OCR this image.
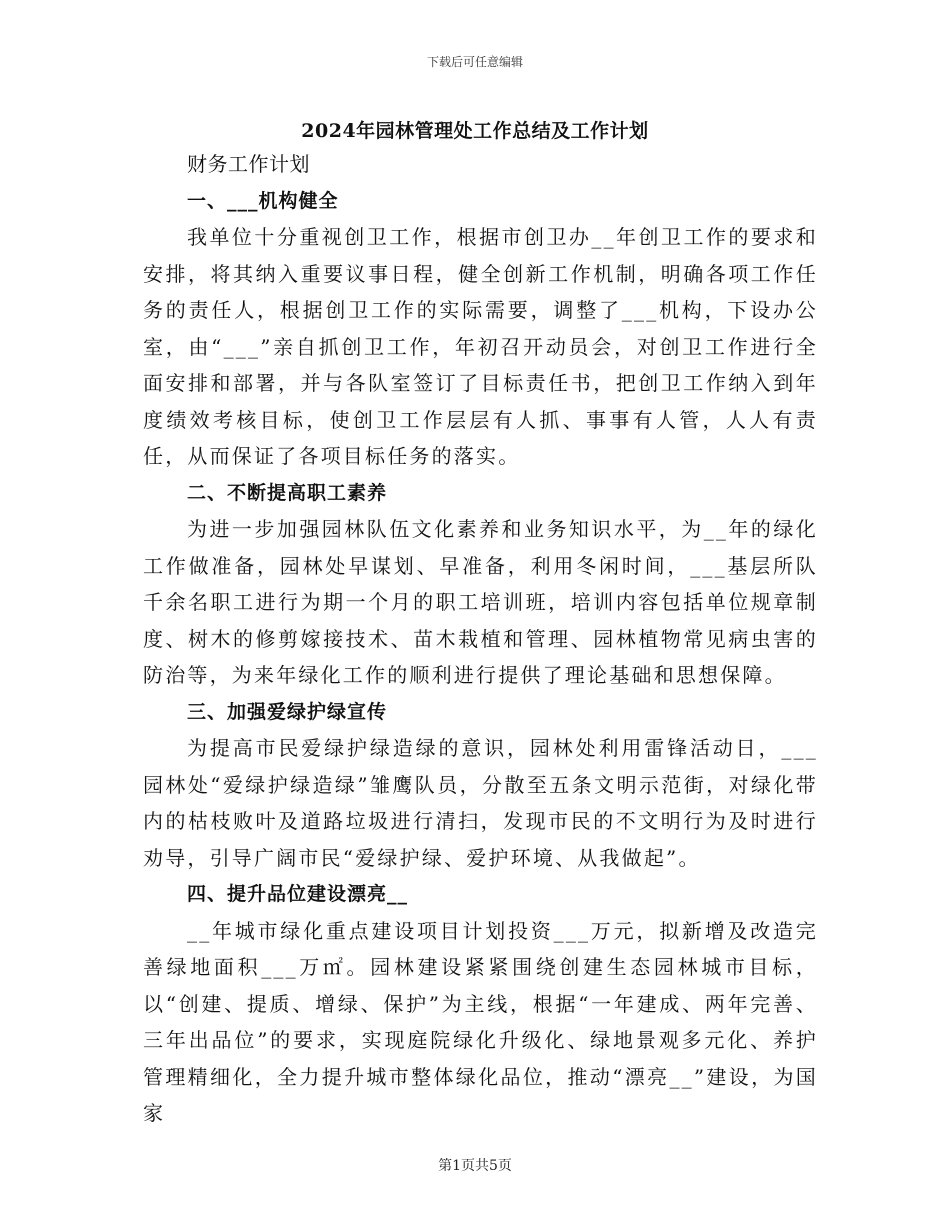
下载后可任意编辑
2024年园林管理处工作总结及工作计划

财务工作计划

一、___机构健全

我单位十分重视创卫工作，根据市创卫办__年创卫工作的要求和安排，将其纳入重要议事日程，健全创新工作机制，明确各项工作任务的责任人，根据创卫工作的实际需要，调整了___机构，下设办公室，由“___”亲自抓创卫工作，年初召开动员会，对创卫工作进行全面安排和部署，并与各队室签订了目标责任书，把创卫工作纳入到年度绩效考核目标，使创卫工作层层有人抓、事事有人管，人人有责任，从而保证了各项目标任务的落实。

二、不断提高职工素养

为进一步加强园林队伍文化素养和业务知识水平，为__年的绿化工作做准备，园林处早谋划、早准备，利用冬闲时间，___基层所队千余名职工进行为期一个月的职工培训班，培训内容包括单位规章制度、树木的修剪嫁接技术、苗木栽植和管理、园林植物常见病虫害的防治等，为来年绿化工作的顺利进行提供了理论基础和思想保障。

三、加强爱绿护绿宣传

为提高市民爱绿护绿造绿的意识，园林处利用雷锋活动日，___园林处“爱绿护绿造绿”雏鹰队员，分散至五条文明示范街，对绿化带内的枯枝败叶及道路垃圾进行清扫，发现市民的不文明行为及时进行劝导，引导广阔市民“爱绿护绿、爱护环境、从我做起”。

四、提升品位建设漂亮__

__年城市绿化重点建设项目计划投资___万元，拟新增及改造完善绿地面积___万㎡。园林建设紧紧围绕创建生态园林城市目标，以“创建、提质、增绿、保护”为主线，根据“一年建成、两年完善、三年出品位”的要求，实现庭院绿化升级化、绿地景观多元化、养护管理精细化，全力提升城市整体绿化品位，推动“漂亮__”建设，为国家

第1页共5页
